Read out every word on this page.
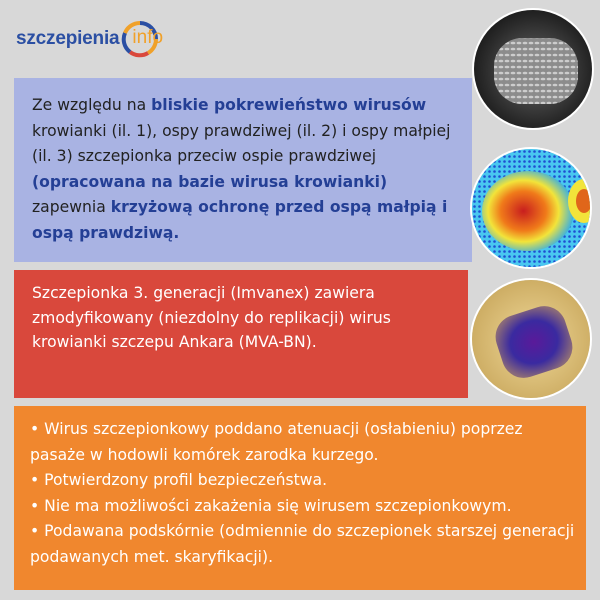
szczepienia info
Ze względu na bliskie pokrewieństwo wirusów krowianki (il. 1), ospy prawdziwej (il. 2) i ospy małpiej (il. 3) szczepionka przeciw ospie prawdziwej (opracowana na bazie wirusa krowianki) zapewnia krzyżową ochronę przed ospą małpią i ospą prawdziwą.
Szczepionka 3. generacji (Imvanex) zawiera zmodyfikowany (niezdolny do replikacji) wirus krowianki szczepu Ankara (MVA-BN).
• Wirus szczepionkowy poddano atenuacji (osłabieniu) poprzez pasaże w hodowli komórek zarodka kurzego.
• Potwierdzony profil bezpieczeństwa.
• Nie ma możliwości zakażenia się wirusem szczepionkowym.
• Podawana podskórnie (odmiennie do szczepionek starszej generacji podawanych met. skaryfikacji).
